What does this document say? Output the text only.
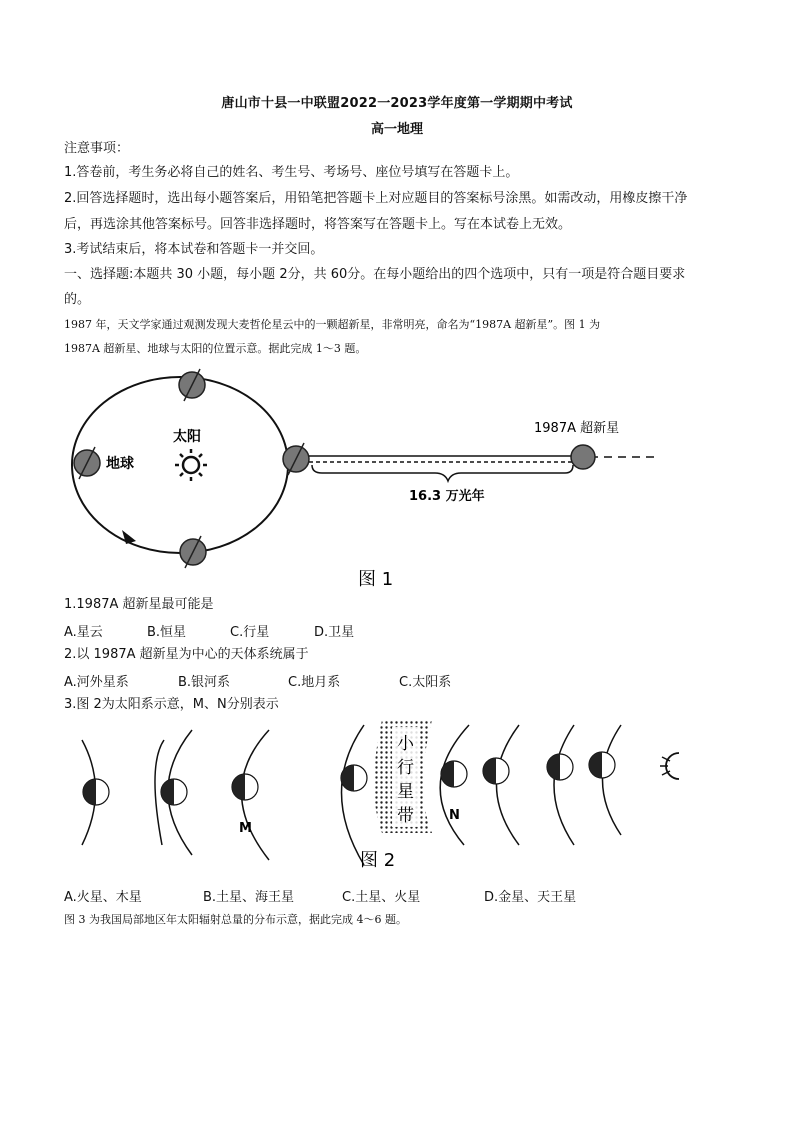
唐山市十县一中联盟2022一2023学年度第一学期期中考试
高一地理
注意事项：
1.答卷前，考生务必将自己的姓名、考生号、考场号、座位号填写在答题卡上。
2.回答选择题时，选出每小题答案后，用铅笔把答题卡上对应题目的答案标号涂黑。如需改动，用橡皮擦干净
后，再选涂其他答案标号。回答非选择题时，将答案写在答题卡上。写在本试卷上无效。
3.考试结束后，将本试卷和答题卡一并交回。
一、选择题:本题共 30 小题，每小题 2分，共 60分。在每小题给出的四个选项中，只有一项是符合题目要求
的。
1987 年，天文学家通过观测发现大麦哲伦星云中的一颗超新星，非常明亮，命名为“1987A 超新星”。图 1 为
1987A 超新星、地球与太阳的位置示意。据此完成 1～3 题。
太阳
地球
1987A 超新星
16.3 万光年
图 1
1.1987A 超新星最可能是
A.星云	B.恒星	C.行星	D.卫星
2.以 1987A 超新星为中心的天体系统属于
A.河外星系	B.银河系	C.地月系	C.太阳系
3.图 2为太阳系示意，M、N分别表示
M
小
行
星
带	N
图 2
A.火星、木星	B.土星、海王星	C.土星、火星	D.金星、天王星
图 3 为我国局部地区年太阳辐射总量的分布示意，据此完成 4～6 题。
